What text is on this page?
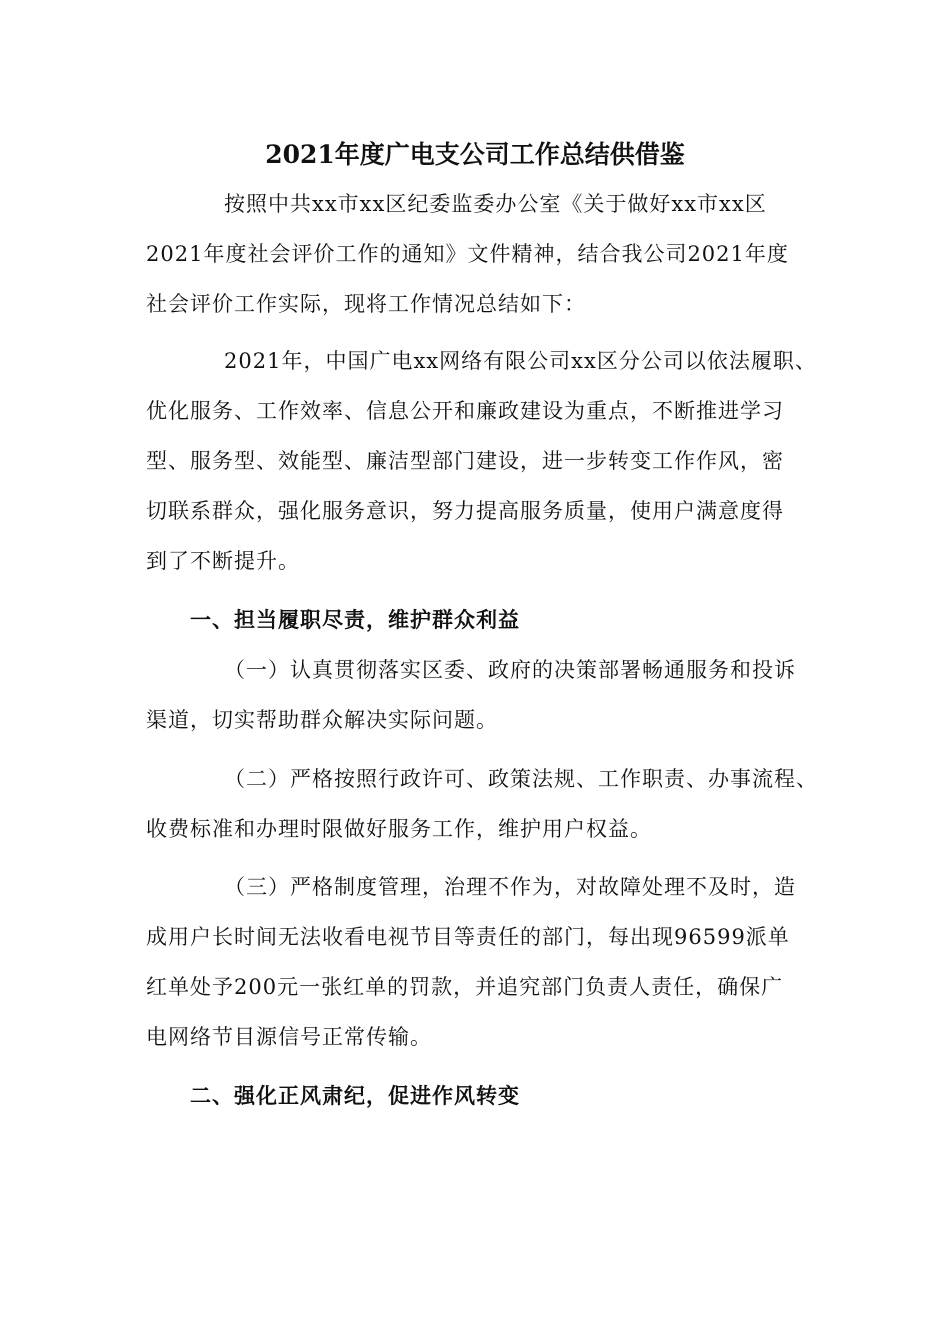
2021年度广电支公司工作总结供借鉴
按照中共xx市xx区纪委监委办公室《关于做好xx市xx区
2021年度社会评价工作的通知》文件精神，结合我公司2021年度
社会评价工作实际，现将工作情况总结如下：
2021年，中国广电xx网络有限公司xx区分公司以依法履职、
优化服务、工作效率、信息公开和廉政建设为重点，不断推进学习
型、服务型、效能型、廉洁型部门建设，进一步转变工作作风，密
切联系群众，强化服务意识，努力提高服务质量，使用户满意度得
到了不断提升。
一、担当履职尽责，维护群众利益
（一）认真贯彻落实区委、政府的决策部署畅通服务和投诉
渠道，切实帮助群众解决实际问题。
（二）严格按照行政许可、政策法规、工作职责、办事流程、
收费标准和办理时限做好服务工作，维护用户权益。
（三）严格制度管理，治理不作为，对故障处理不及时，造
成用户长时间无法收看电视节目等责任的部门，每出现96599派单
红单处予200元一张红单的罚款，并追究部门负责人责任，确保广
电网络节目源信号正常传输。
二、强化正风肃纪，促进作风转变
